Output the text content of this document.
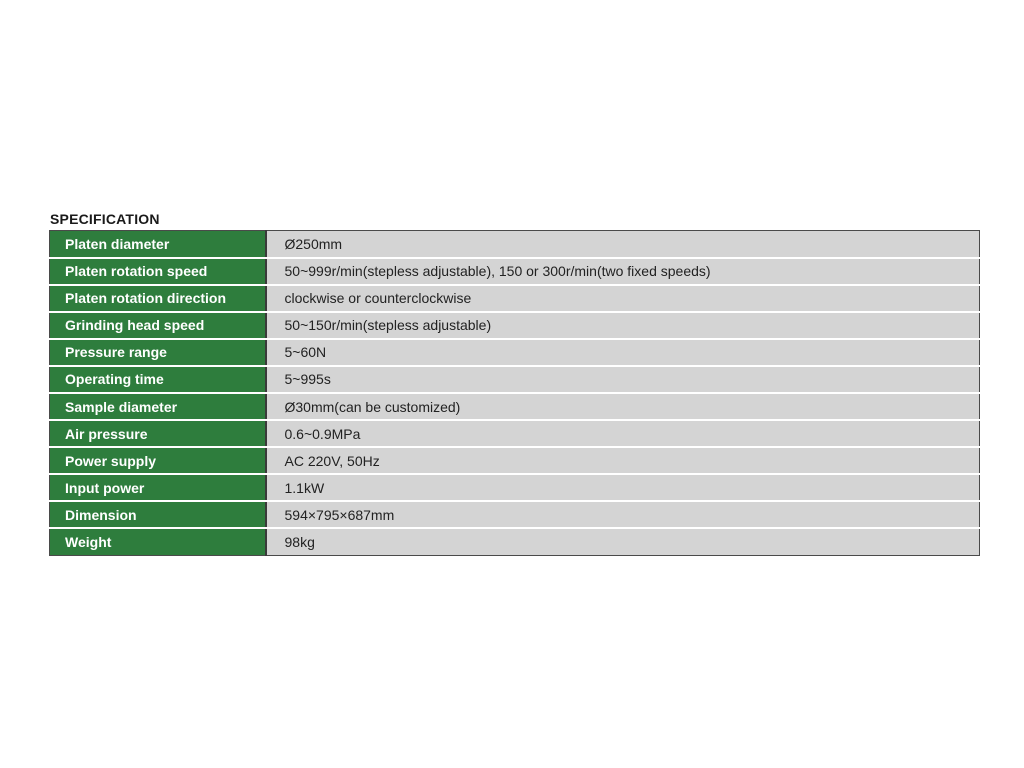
SPECIFICATION
Platen diameter	Ø250mm
Platen rotation speed	50~999r/min(stepless adjustable), 150 or 300r/min(two fixed speeds)
Platen rotation direction	clockwise or counterclockwise
Grinding head speed	50~150r/min(stepless adjustable)
Pressure range	5~60N
Operating time	5~995s
Sample diameter	Ø30mm(can be customized)
Air pressure	0.6~0.9MPa
Power supply	AC 220V, 50Hz
Input power	1.1kW
Dimension	594×795×687mm
Weight	98kg
